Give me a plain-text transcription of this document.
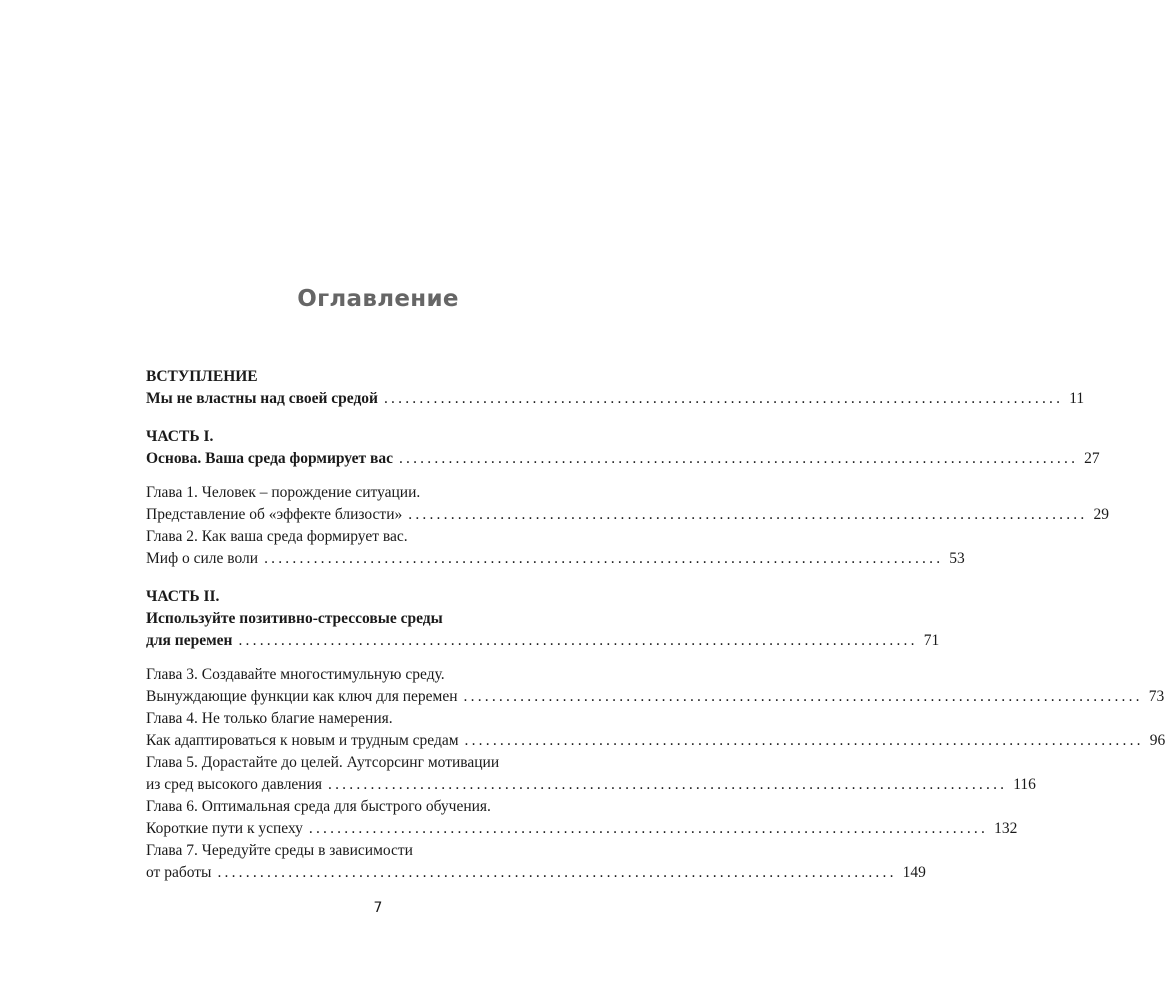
Оглавление
ВСТУПЛЕНИЕ
Мы не властны над своей средой ................................................................................................ 11
ЧАСТЬ I.
Основа. Ваша среда формирует вас ................................................................................................ 27
Глава 1. Человек – порождение ситуации.
Представление об «эффекте близости» ................................................................................................ 29
Глава 2. Как ваша среда формирует вас.
Миф о силе воли ................................................................................................ 53
ЧАСТЬ II.
Используйте позитивно-стрессовые среды
для перемен ................................................................................................ 71
Глава 3. Создавайте многостимульную среду.
Вынуждающие функции как ключ для перемен ................................................................................................ 73
Глава 4. Не только благие намерения.
Как адаптироваться к новым и трудным средам ................................................................................................ 96
Глава 5. Дорастайте до целей. Аутсорсинг мотивации
из сред высокого давления ................................................................................................ 116
Глава 6. Оптимальная среда для быстрого обучения.
Короткие пути к успеху ................................................................................................ 132
Глава 7. Чередуйте среды в зависимости
от работы ................................................................................................ 149
7
